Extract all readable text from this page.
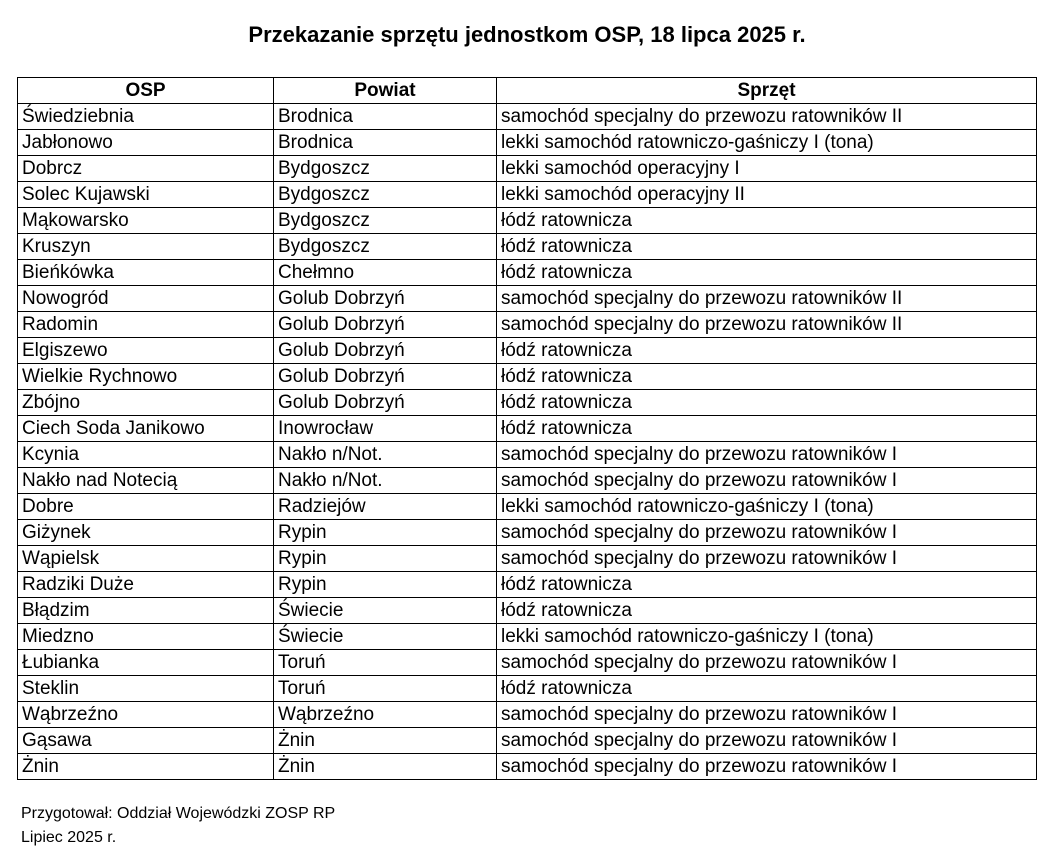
Przekazanie sprzętu jednostkom OSP, 18 lipca 2025 r.
OSP	Powiat	Sprzęt
Świedziebnia	Brodnica	samochód specjalny do przewozu ratowników II
Jabłonowo	Brodnica	lekki samochód ratowniczo-gaśniczy I (tona)
Dobrcz	Bydgoszcz	lekki samochód operacyjny I
Solec Kujawski	Bydgoszcz	lekki samochód operacyjny II
Mąkowarsko	Bydgoszcz	łódź ratownicza
Kruszyn	Bydgoszcz	łódź ratownicza
Bieńkówka	Chełmno	łódź ratownicza
Nowogród	Golub Dobrzyń	samochód specjalny do przewozu ratowników II
Radomin	Golub Dobrzyń	samochód specjalny do przewozu ratowników II
Elgiszewo	Golub Dobrzyń	łódź ratownicza
Wielkie Rychnowo	Golub Dobrzyń	łódź ratownicza
Zbójno	Golub Dobrzyń	łódź ratownicza
Ciech Soda Janikowo	Inowrocław	łódź ratownicza
Kcynia	Nakło n/Not.	samochód specjalny do przewozu ratowników I
Nakło nad Notecią	Nakło n/Not.	samochód specjalny do przewozu ratowników I
Dobre	Radziejów	lekki samochód ratowniczo-gaśniczy I (tona)
Giżynek	Rypin	samochód specjalny do przewozu ratowników I
Wąpielsk	Rypin	samochód specjalny do przewozu ratowników I
Radziki Duże	Rypin	łódź ratownicza
Błądzim	Świecie	łódź ratownicza
Miedzno	Świecie	lekki samochód ratowniczo-gaśniczy I (tona)
Łubianka	Toruń	samochód specjalny do przewozu ratowników I
Steklin	Toruń	łódź ratownicza
Wąbrzeźno	Wąbrzeźno	samochód specjalny do przewozu ratowników I
Gąsawa	Żnin	samochód specjalny do przewozu ratowników I
Żnin	Żnin	samochód specjalny do przewozu ratowników I
Przygotował: Oddział Wojewódzki ZOSP RP
Lipiec 2025 r.
